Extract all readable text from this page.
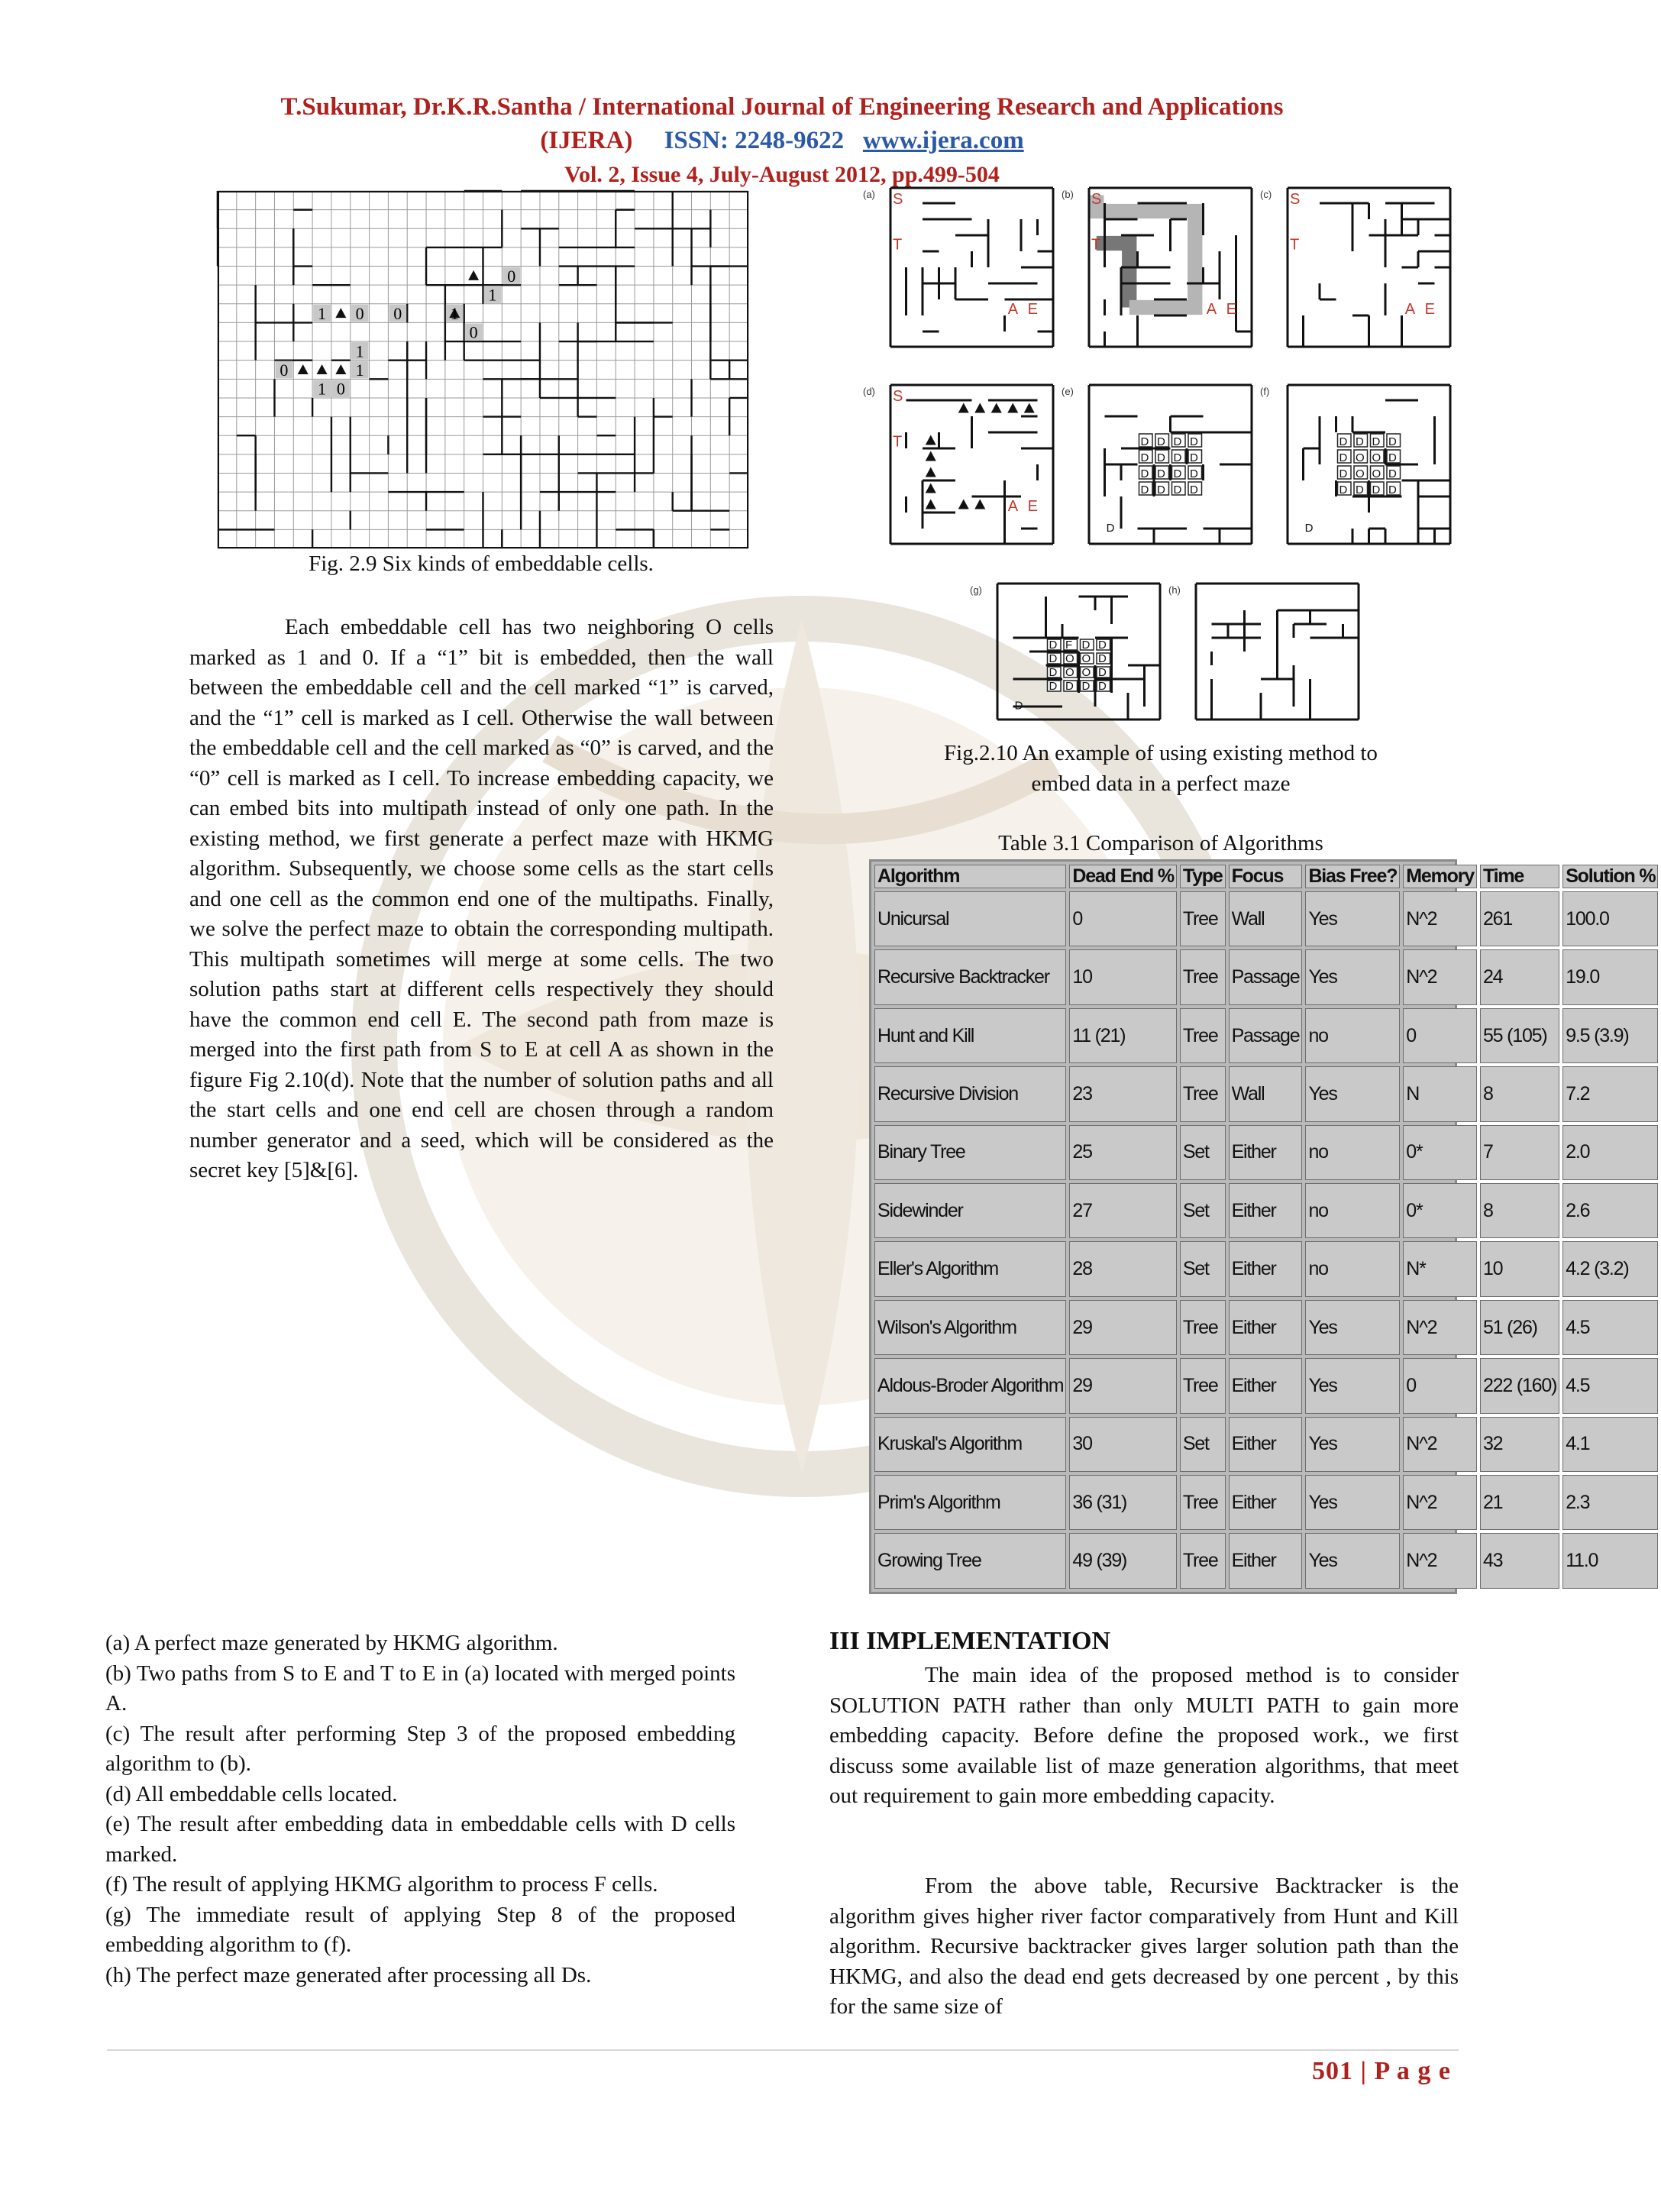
T.Sukumar, Dr.K.R.Santha / International Journal of Engineering Research and Applications
(IJERA) ISSN: 2248-9622 www.ijera.com
Vol. 2, Issue 4, July-August 2012, pp.499-504
1 0 0	1
0
1
0
1 0
1
1
0
Fig. 2.9 Six kinds of embeddable cells.
(a) S
T
A E
(b) S
T
A E
(c) S
T
A E
(d) S
T
A E
(e)
D D D D
D D D D
D D D D
D D D D
D
(f)
D D D D
D O O D
D O O D
D D D D
D
(g)
D F D D
D O O D
D O O D
D D D D
D
(h)
Fig.2.10 An example of using existing method to
embed data in a perfect maze

Each embeddable cell has two neighboring O cells marked as 1 and 0. If a “1” bit is embedded, then the wall between the embeddable cell and the cell marked “1” is carved, and the “1” cell is marked as I cell. Otherwise the wall between the embeddable cell and the cell marked as “0” is carved, and the “0” cell is marked as I cell. To increase embedding capacity, we can embed bits into multipath instead of only one path. In the existing method, we first generate a perfect maze with HKMG algorithm. Subsequently, we choose some cells as the start cells and one cell as the common end one of the multipaths. Finally, we solve the perfect maze to obtain the corresponding multipath. This multipath sometimes will merge at some cells. The two solution paths start at different cells respectively they should have the common end cell E. The second path from maze is merged into the first path from S to E at cell A as shown in the figure Fig 2.10(d). Note that the number of solution paths and all the start cells and one end cell are chosen through a random number generator and a seed, which will be considered as the secret key [5]&[6].

Table 3.1 Comparison of Algorithms
Algorithm	Dead End %	Type	Focus	Bias Free?	Memory	Time	Solution %
Unicursal	0	Tree	Wall	Yes	N^2	261	100.0
Recursive Backtracker	10	Tree	Passage	Yes	N^2	24	19.0
Hunt and Kill	11 (21)	Tree	Passage	no	0	55 (105)	9.5 (3.9)
Recursive Division	23	Tree	Wall	Yes	N	8	7.2
Binary Tree	25	Set	Either	no	0*	7	2.0
Sidewinder	27	Set	Either	no	0*	8	2.6
Eller's Algorithm	28	Set	Either	no	N*	10	4.2 (3.2)
Wilson's Algorithm	29	Tree	Either	Yes	N^2	51 (26)	4.5
Aldous-Broder Algorithm	29	Tree	Either	Yes	0	222 (160)	4.5
Kruskal's Algorithm	30	Set	Either	Yes	N^2	32	4.1
Prim's Algorithm	36 (31)	Tree	Either	Yes	N^2	21	2.3
Growing Tree	49 (39)	Tree	Either	Yes	N^2	43	11.0
(a) A perfect maze generated by HKMG algorithm.
(b) Two paths from S to E and T to E in (a) located with merged points A.
(c) The result after performing Step 3 of the proposed embedding algorithm to (b).
(d) All embeddable cells located.
(e) The result after embedding data in embeddable cells with D cells marked.
(f) The result of applying HKMG algorithm to process F cells.
(g) The immediate result of applying Step 8 of the proposed embedding algorithm to (f).
(h) The perfect maze generated after processing all Ds.
III IMPLEMENTATION

The main idea of the proposed method is to consider SOLUTION PATH rather than only MULTI PATH to gain more embedding capacity. Before define the proposed work., we first discuss some available list of maze generation algorithms, that meet out requirement to gain more embedding capacity.

From the above table, Recursive Backtracker is the algorithm gives higher river factor comparatively from Hunt and Kill algorithm. Recursive backtracker gives larger solution path than the HKMG, and also the dead end gets decreased by one percent , by this for the same size of

501 | P a g e
